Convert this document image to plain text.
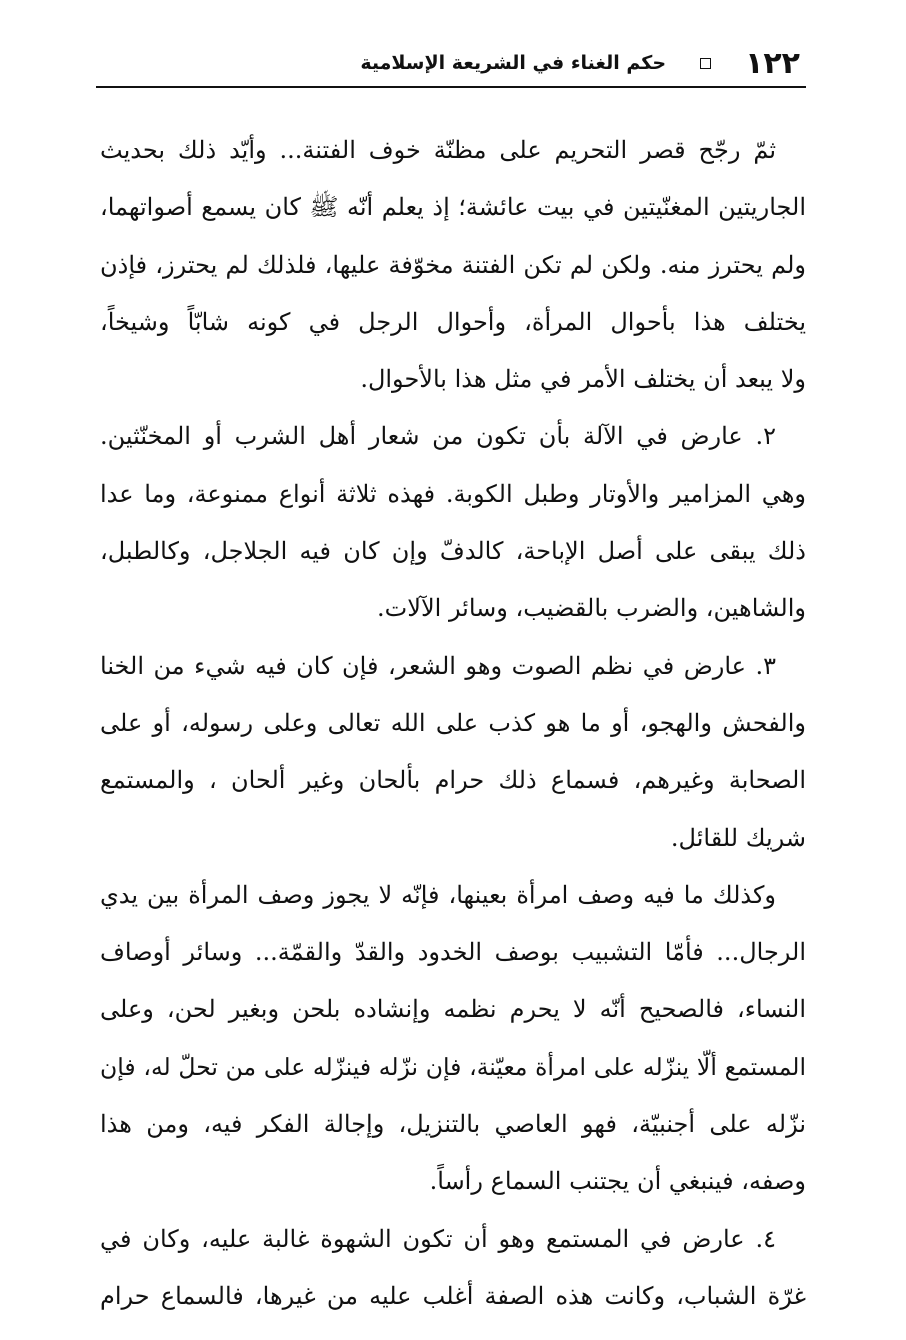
١٢٢
حكم الغناء في الشريعة الإسلامية

ثمّ رجّح قصر التحريم على مظنّة خوف الفتنة... وأيّد ذلك بحديث
الجاريتين المغنّيتين في بيت عائشة؛ إذ يعلم أنّه ﷺ كان يسمع أصواتهما،
ولم يحترز منه. ولكن لم تكن الفتنة مخوّفة عليها، فلذلك لم يحترز، فإذن
يختلف هذا بأحوال المرأة، وأحوال الرجل في كونه شابّاً وشيخاً،
ولا يبعد أن يختلف الأمر في مثل هذا بالأحوال.

٢. عارض في الآلة بأن تكون من شعار أهل الشرب أو المخنّثين.
وهي المزامير والأوتار وطبل الكوبة. فهذه ثلاثة أنواع ممنوعة، وما عدا
ذلك يبقى على أصل الإباحة، كالدفّ وإن كان فيه الجلاجل، وكالطبل،
والشاهين، والضرب بالقضيب، وسائر الآلات.

٣. عارض في نظم الصوت وهو الشعر، فإن كان فيه شيء من الخنا
والفحش والهجو، أو ما هو كذب على الله تعالى وعلى رسوله، أو على
الصحابة وغيرهم، فسماع ذلك حرام بألحان وغير ألحان ، والمستمع
شريك للقائل.

وكذلك ما فيه وصف امرأة بعينها، فإنّه لا يجوز وصف المرأة بين يدي
الرجال... فأمّا التشبيب بوصف الخدود والقدّ والقمّة... وسائر أوصاف
النساء، فالصحيح أنّه لا يحرم نظمه وإنشاده بلحن وبغير لحن، وعلى
المستمع ألّا ينزّله على امرأة معيّنة، فإن نزّله فينزّله على من تحلّ له، فإن
نزّله على أجنبيّة، فهو العاصي بالتنزيل، وإجالة الفكر فيه، ومن هذا
وصفه، فينبغي أن يجتنب السماع رأساً.

٤. عارض في المستمع وهو أن تكون الشهوة غالبة عليه، وكان في
غرّة الشباب، وكانت هذه الصفة أغلب عليه من غيرها، فالسماع حرام
